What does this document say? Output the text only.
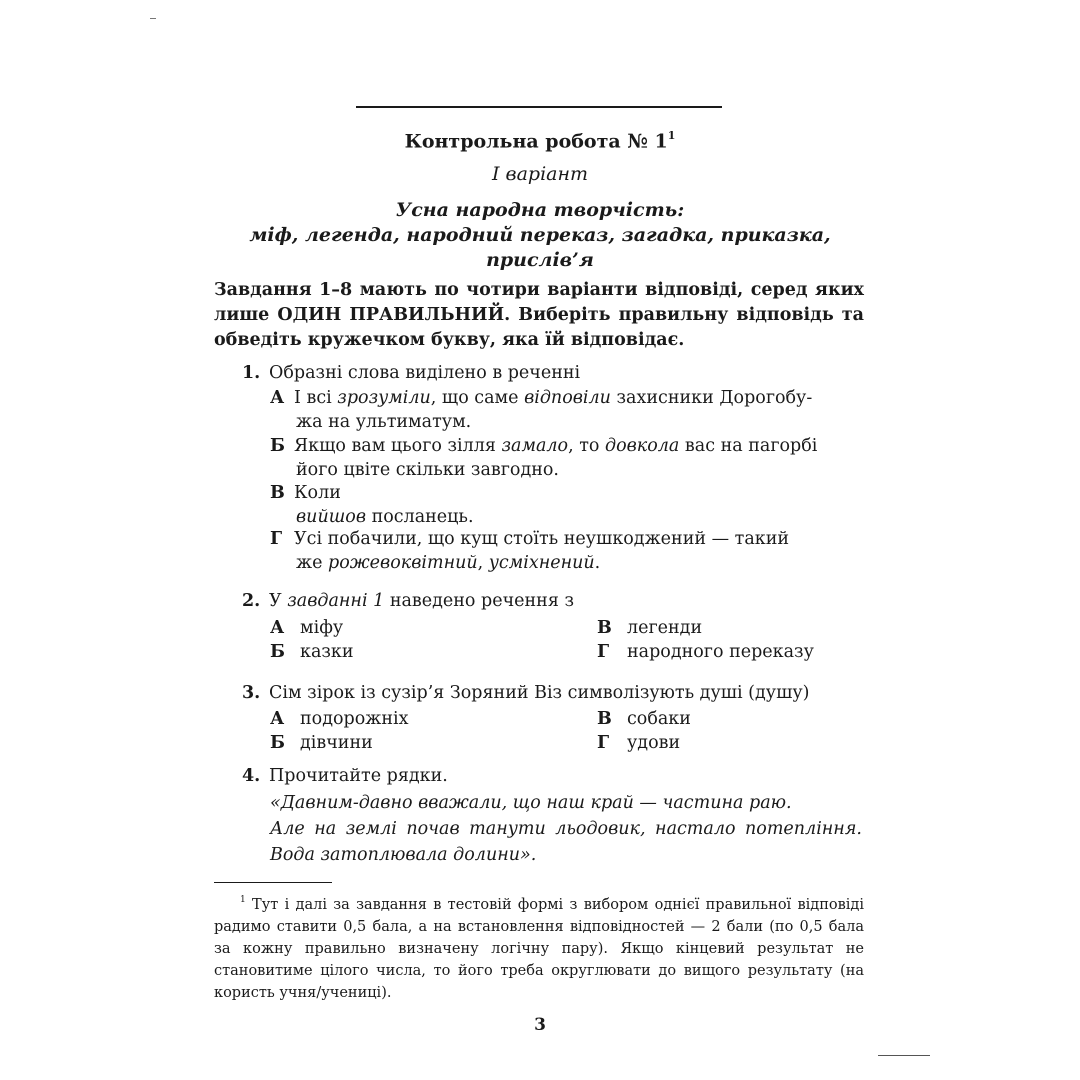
Контрольна робота № $1^1$
І варіант
Усна народна творчість:
міф, легенда, народний переказ, загадка, приказка, прислів’я
Завдання 1–8 мають по чотири варіанти відповіді, серед яких лише ОДИН ПРАВИЛЬНИЙ. Виберіть правильну відповідь та обведіть кружечком букву, яка їй відповідає.
1. Образні слова виділено в реченні
А І всі зрозуміли, що саме відповіли захисники Дорогобу-
жа на ультиматум.
Б Якщо вам цього зілля замало, то довкола вас на пагорбі
його цвіте скільки завгодно.
В Коли
вийшов посланець.
Г Усі побачили, що кущ стоїть неушкоджений — такий
же рожевоквітний, усміхнений.
2. У завданні 1 наведено речення з
А міфу
Б казки
В легенди
Г народного переказу
3. Сім зірок із сузір’я Зоряний Віз символізують душі (душу)
А подорожніх
Б дівчини
В собаки
Г удови
4. Прочитайте рядки.
«Давним-давно вважали, що наш край — частина раю.
Але на землі почав танути льодовик, настало потепління. Вода затоплювала долини».
$^1$ Тут і далі за завдання в тестовій формі з вибором однієї правильної відповіді радимо ставити 0,5 бала, а на встановлення відповідностей — 2 бали (по 0,5 бала за кожну правильно визначену логічну пару). Якщо кінцевий результат не становитиме цілого числа, то його треба округлювати до вищого результату (на користь учня/учениці).
3
